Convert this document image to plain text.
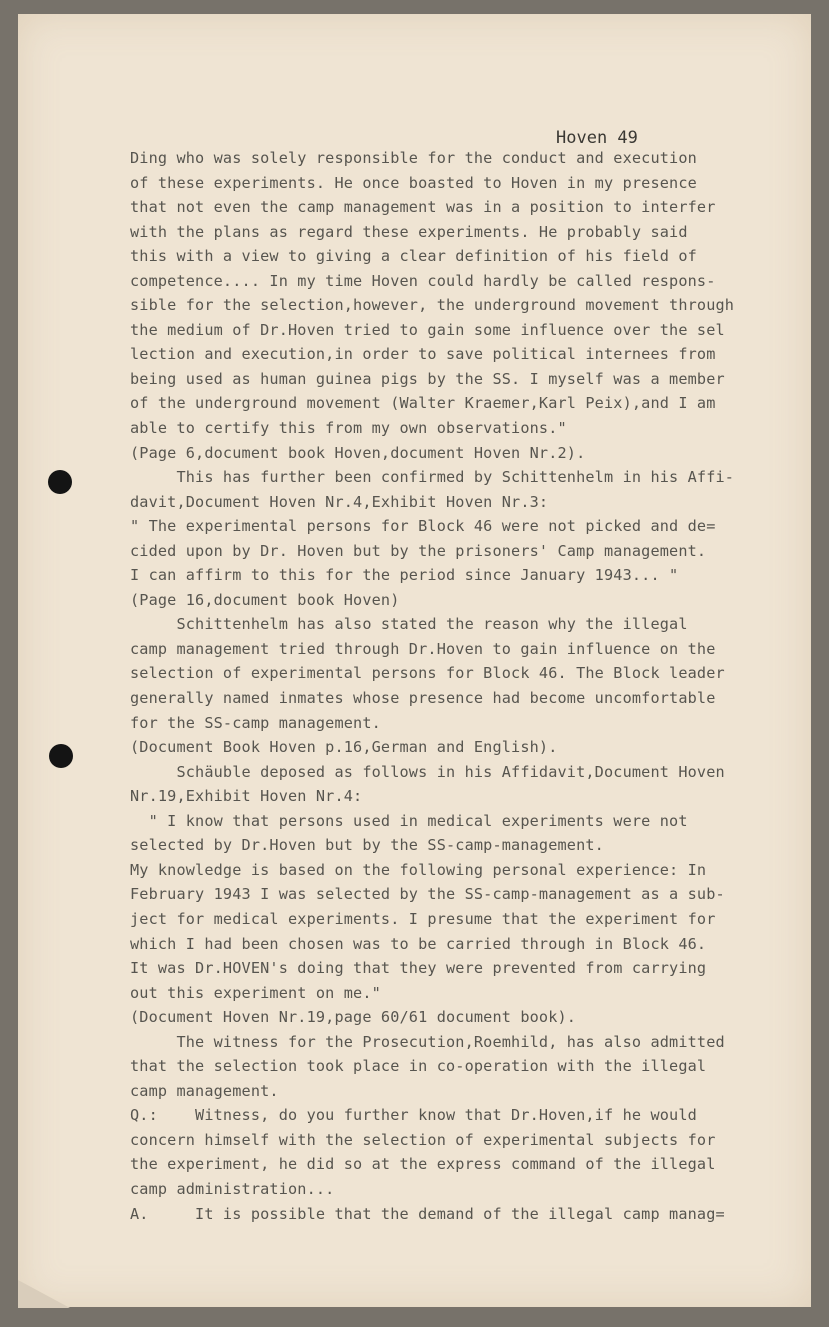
Hoven 49

Ding who was solely responsible for the conduct and execution
of these experiments. He once boasted to Hoven in my presence
that not even the camp management was in a position to interfer
with the plans as regard these experiments. He probably said
this with a view to giving a clear definition of his field of
competence.... In my time Hoven could hardly be called respons-
sible for the selection,however, the underground movement through
the medium of Dr.Hoven tried to gain some influence over the sel
lection and execution,in order to save political internees from
being used as human guinea pigs by the SS. I myself was a member
of the underground movement (Walter Kraemer,Karl Peix),and I am
able to certify this from my own observations."
(Page 6,document book Hoven,document Hoven Nr.2).
This has further been confirmed by Schittenhelm in his Affi-
davit,Document Hoven Nr.4,Exhibit Hoven Nr.3:
" The experimental persons for Block 46 were not picked and de=
cided upon by Dr. Hoven but by the prisoners' Camp management.
I can affirm to this for the period since January 1943... "
(Page 16,document book Hoven)
Schittenhelm has also stated the reason why the illegal
camp management tried through Dr.Hoven to gain influence on the
selection of experimental persons for Block 46. The Block leader
generally named inmates whose presence had become uncomfortable
for the SS-camp management.
(Document Book Hoven p.16,German and English).
Schäuble deposed as follows in his Affidavit,Document Hoven
Nr.19,Exhibit Hoven Nr.4:
" I know that persons used in medical experiments were not
selected by Dr.Hoven but by the SS-camp-management.
My knowledge is based on the following personal experience: In
February 1943 I was selected by the SS-camp-management as a sub-
ject for medical experiments. I presume that the experiment for
which I had been chosen was to be carried through in Block 46.
It was Dr.HOVEN's doing that they were prevented from carrying
out this experiment on me."
(Document Hoven Nr.19,page 60/61 document book).
The witness for the Prosecution,Roemhild, has also admitted
that the selection took place in co-operation with the illegal
camp management.
Q.:    Witness, do you further know that Dr.Hoven,if he would
concern himself with the selection of experimental subjects for
the experiment, he did so at the express command of the illegal
camp administration...
A.     It is possible that the demand of the illegal camp manag=
